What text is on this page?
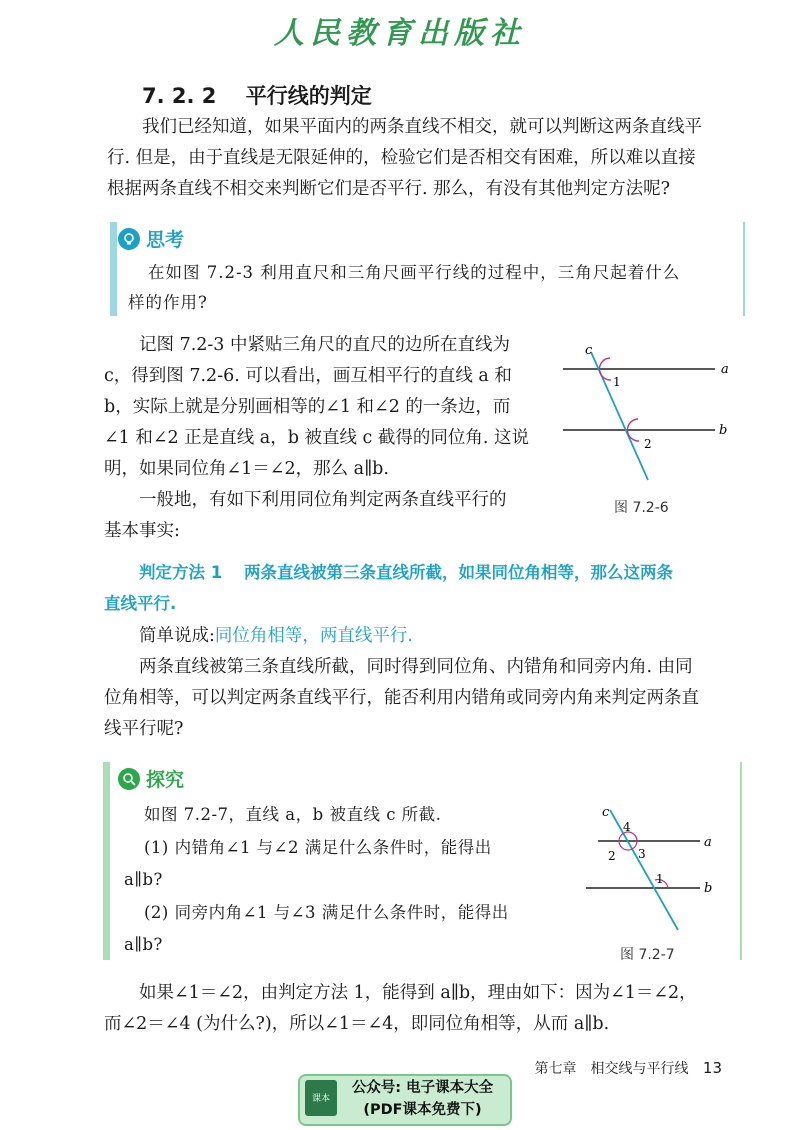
人民教育出版社
7. 2. 2 平行线的判定
我们已经知道，如果平面内的两条直线不相交，就可以判断这两条直线平
行. 但是，由于直线是无限延伸的，检验它们是否相交有困难，所以难以直接
根据两条直线不相交来判断它们是否平行. 那么，有没有其他判定方法呢?
思考
在如图 7.2-3 利用直尺和三角尺画平行线的过程中，三角尺起着什么
样的作用?
记图 7.2-3 中紧贴三角尺的直尺的边所在直线为
c，得到图 7.2-6. 可以看出，画互相平行的直线 a 和
b，实际上就是分别画相等的∠1 和∠2 的一条边，而
∠1 和∠2 正是直线 a，b 被直线 c 截得的同位角. 这说
明，如果同位角∠1＝∠2，那么 a∥b.
一般地，有如下利用同位角判定两条直线平行的
基本事实:
c
a
b
1
2
图 7.2-6
判定方法 1 两条直线被第三条直线所截，如果同位角相等，那么这两条
直线平行.
简单说成:同位角相等，两直线平行.
两条直线被第三条直线所截，同时得到同位角、内错角和同旁内角. 由同
位角相等，可以判定两条直线平行，能否利用内错角或同旁内角来判定两条直
线平行呢?
探究
如图 7.2-7，直线 a，b 被直线 c 所截.
(1) 内错角∠1 与∠2 满足什么条件时，能得出
a∥b?
(2) 同旁内角∠1 与∠3 满足什么条件时，能得出
a∥b?
c
a
b
4
2 3
1
图 7.2-7
如果∠1＝∠2，由判定方法 1，能得到 a∥b，理由如下：因为∠1＝∠2，
而∠2＝∠4 (为什么?)，所以∠1＝∠4，即同位角相等，从而 a∥b.
第七章　相交线与平行线 13
课本
公众号: 电子课本大全
(PDF课本免费下)
